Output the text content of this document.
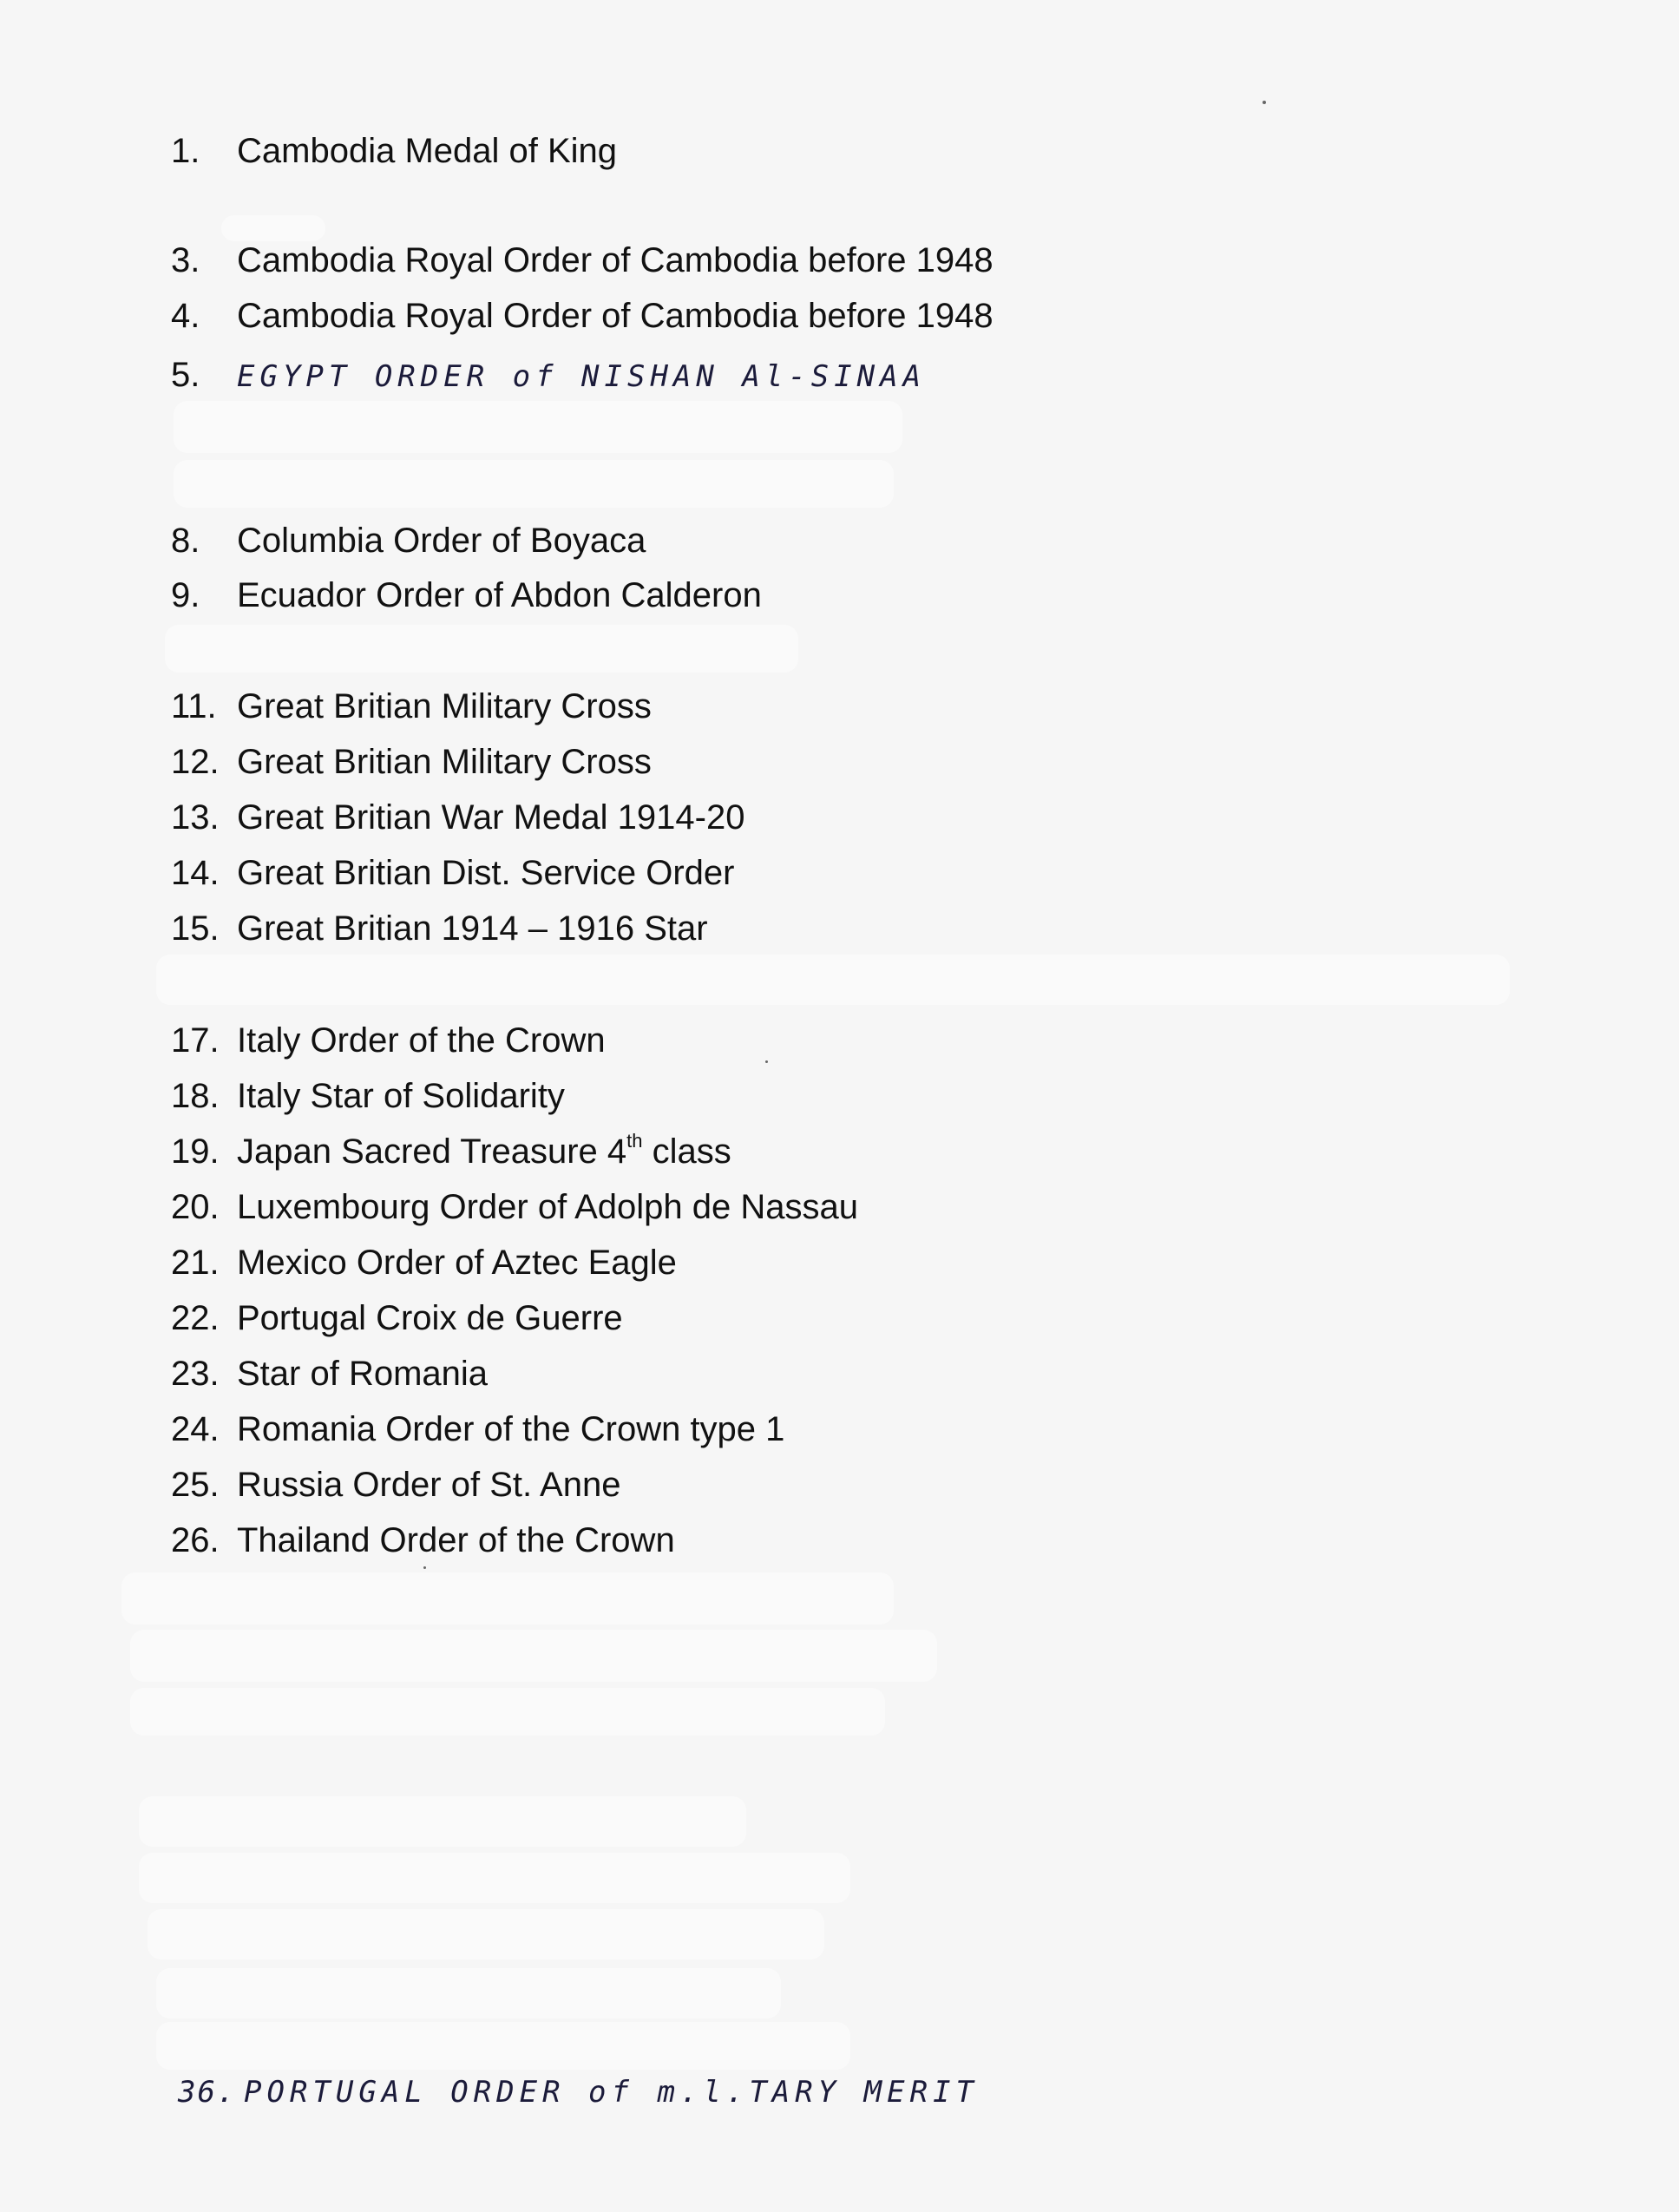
1. Cambodia Medal of King
3. Cambodia Royal Order of Cambodia before 1948
4. Cambodia Royal Order of Cambodia before 1948
5. EGYPT ORDER of NISHAN Al-SINAA
8. Columbia Order of Boyaca
9. Ecuador Order of Abdon Calderon
11. Great Britian Military Cross
12. Great Britian Military Cross
13. Great Britian War Medal 1914-20
14. Great Britian Dist. Service Order
15. Great Britian 1914 – 1916 Star
17. Italy Order of the Crown
18. Italy Star of Solidarity
19. Japan Sacred Treasure 4th class
20. Luxembourg Order of Adolph de Nassau
21. Mexico Order of Aztec Eagle
22. Portugal Croix de Guerre
23. Star of Romania
24. Romania Order of the Crown type 1
25. Russia Order of St. Anne
26. Thailand Order of the Crown
36. PORTUGAL ORDER of m.l.TARY MERIT
